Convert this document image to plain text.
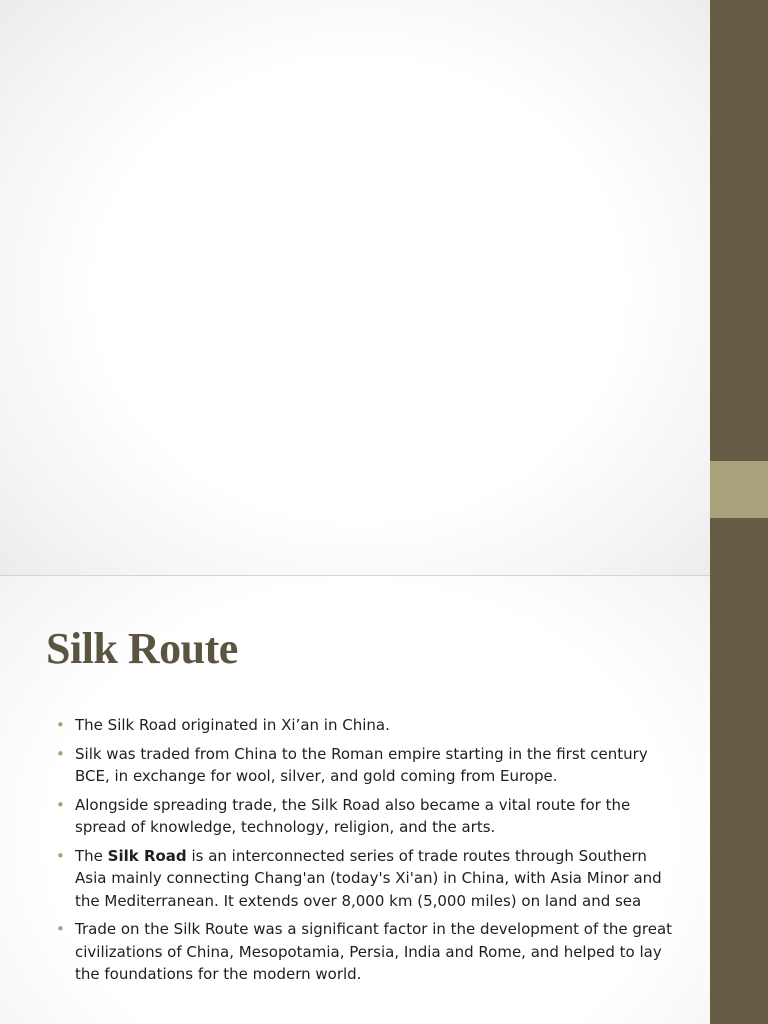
Silk Route
• The Silk Road originated in Xi’an in China.
• Silk was traded from China to the Roman empire starting in the first century BCE, in exchange for wool, silver, and gold coming from Europe.
• Alongside spreading trade, the Silk Road also became a vital route for the spread of knowledge, technology, religion, and the arts.
• The Silk Road is an interconnected series of trade routes through Southern Asia mainly connecting Chang'an (today's Xi'an) in China, with Asia Minor and the Mediterranean. It extends over 8,000 km (5,000 miles) on land and sea
• Trade on the Silk Route was a significant factor in the development of the great civilizations of China, Mesopotamia, Persia, India and Rome, and helped to lay the foundations for the modern world.
